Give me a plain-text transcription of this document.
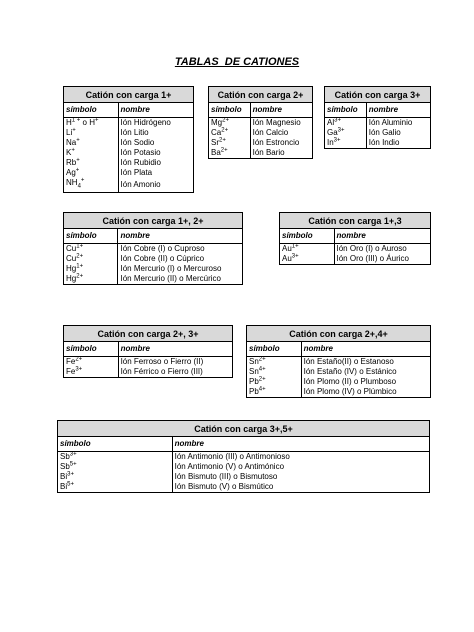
TABLAS  DE CATIONES
Catión con carga 1+	
símbolo	nombre
$H^{1 +}$ o H+	Ión Hidrógeno
Li+	Ión Litio
Na+	Ión Sodio
K+	Ión Potasio
Rb+	Ión Rubidio
Ag+	Ión Plata
$NH_4^+$	Ión Amonio
Catión con carga 2+	
símbolo	nombre
$Mg^{2+}$	Ión Magnesio
$Ca^{2+}$	Ión Calcio
$Sr^{2+}$	Ión Estroncio
$Ba^{2+}$	Ión Bario
Catión con carga 3+	
símbolo	nombre
$Al^{3+}$	Ión Aluminio
$Ga^{3+}$	Ión Galio
$In^{3+}$	Ión Indio
Catión con carga 1+, 2+	
símbolo	nombre
$Cu^{1+}$	Ión Cobre (I) o Cuproso
$Cu^{2+}$	Ión Cobre (II) o Cúprico
$Hg^{1+}$	Ión Mercurio (I) o Mercuroso
$Hg^{2+}$	Ión Mercurio (II) o Mercúrico
Catión con carga 1+,3	
símbolo	nombre
$Au^{1+}$	Ión Oro (I) o Auroso
$Au^{3+}$	Ión Oro (III) o Áurico
Catión con carga 2+, 3+	
símbolo	nombre
$Fe^{2+}$	Ión Ferroso o Fierro (II)
$Fe^{3+}$	Ión Férrico o Fierro (III)
Catión con carga 2+,4+	
símbolo	nombre
$Sn^{2+}$	Ión Estaño(II) o Estanoso
$Sn^{4+}$	Ión Estaño (IV) o Estánico
$Pb^{2+}$	Ión Plomo (II) o Plumboso
$Pb^{4+}$	Ión Plomo (IV) o Plúmbico
Catión con carga 3+,5+	
símbolo	nombre
$Sb^{3+}$	Ión Antimonio (III) o Antimonioso
$Sb^{5+}$	Ión Antimonio (V) o Antimónico
$Bi^{3+}$	Ión Bismuto (III) o Bismutoso
$Bi^{5+}$	Ión Bismuto (V) o Bismútico
